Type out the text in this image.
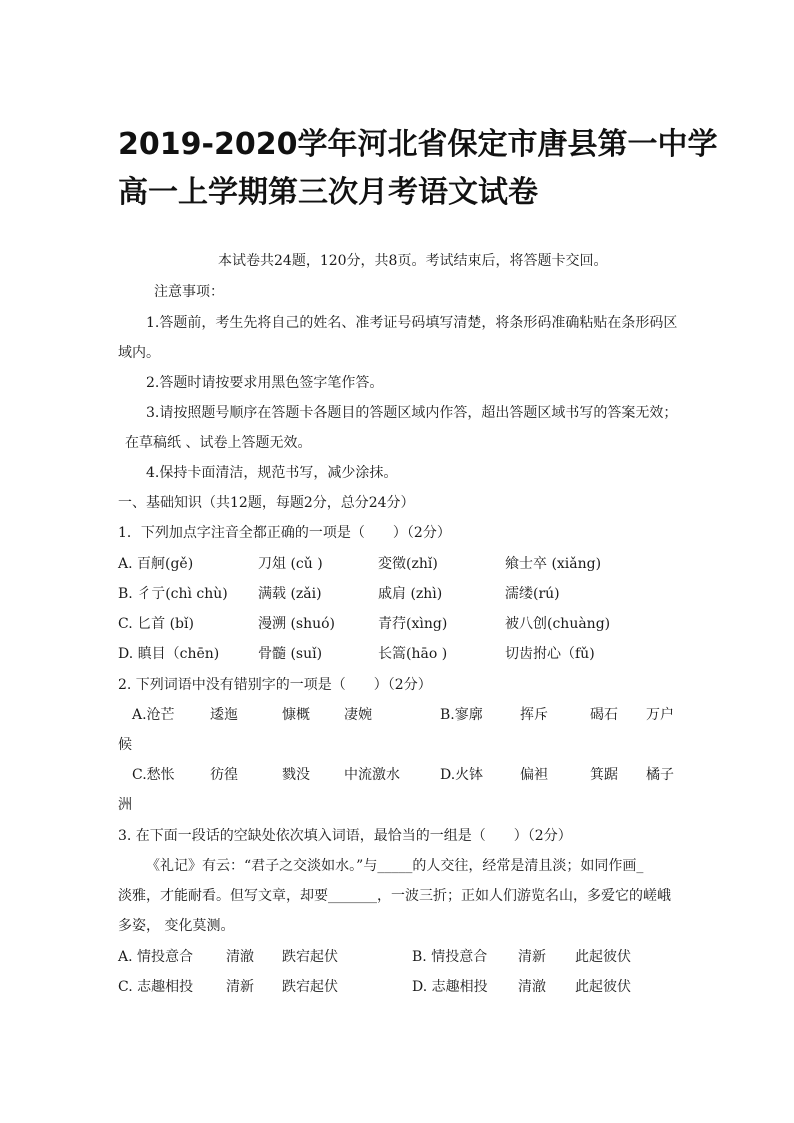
2019-2020学年河北省保定市唐县第一中学
高一上学期第三次月考语文试卷
本试卷共24题，120分，共8页。考试结束后，将答题卡交回。
注意事项：
1.答题前，考生先将自己的姓名、准考证号码填写清楚，将条形码准确粘贴在条形码区
域内。
2.答题时请按要求用黑色签字笔作答。
3.请按照题号顺序在答题卡各题目的答题区域内作答，超出答题区域书写的答案无效；
在草稿纸 、试卷上答题无效。
4.保持卡面清洁，规范书写，减少涂抹。
一、基础知识（共12题，每题2分，总分24分）
1．下列加点字注音全都正确的一项是（　　）（2分）
A. 百舸(gě)	刀俎 (cǔ )	変徵(zhǐ)	飨士卒 (xiǎng)
B. 彳亍(chì chù) 满载 (zǎi)	戚肩 (zhì)	濡缕(rú)
C. 匕首 (bǐ)	漫溯 (shuó)	青荇(xìng)	被八创(chuàng)
D. 瞋目（chēn)	骨髓 (suǐ)	长篙(hāo )	切齿拊心（fǔ)
2. 下列词语中没有错别字的一项是（　　）（2分）
A.沧芒	逶迤	慷概 凄婉	B.寥廓	挥斥	碣石 万户
候
C.愁怅	彷徨	戮没 中流激水	D.火钵	偏袒	箕踞 橘子
洲
3. 在下面一段话的空缺处依次填入词语，最恰当的一组是（　　）（2分）
《礼记》有云：“君子之交淡如水。”与_____的人交往，经常是清且淡；如同作画_
淡雅，才能耐看。但写文章，却要_______，一波三折；正如人们游览名山，多爱它的嵯峨
多姿， 变化莫测。
A. 情投意合 清澈 跌宕起伏	B. 情投意合 清新 此起彼伏
C. 志趣相投 清新 跌宕起伏	D. 志趣相投 清澈 此起彼伏
